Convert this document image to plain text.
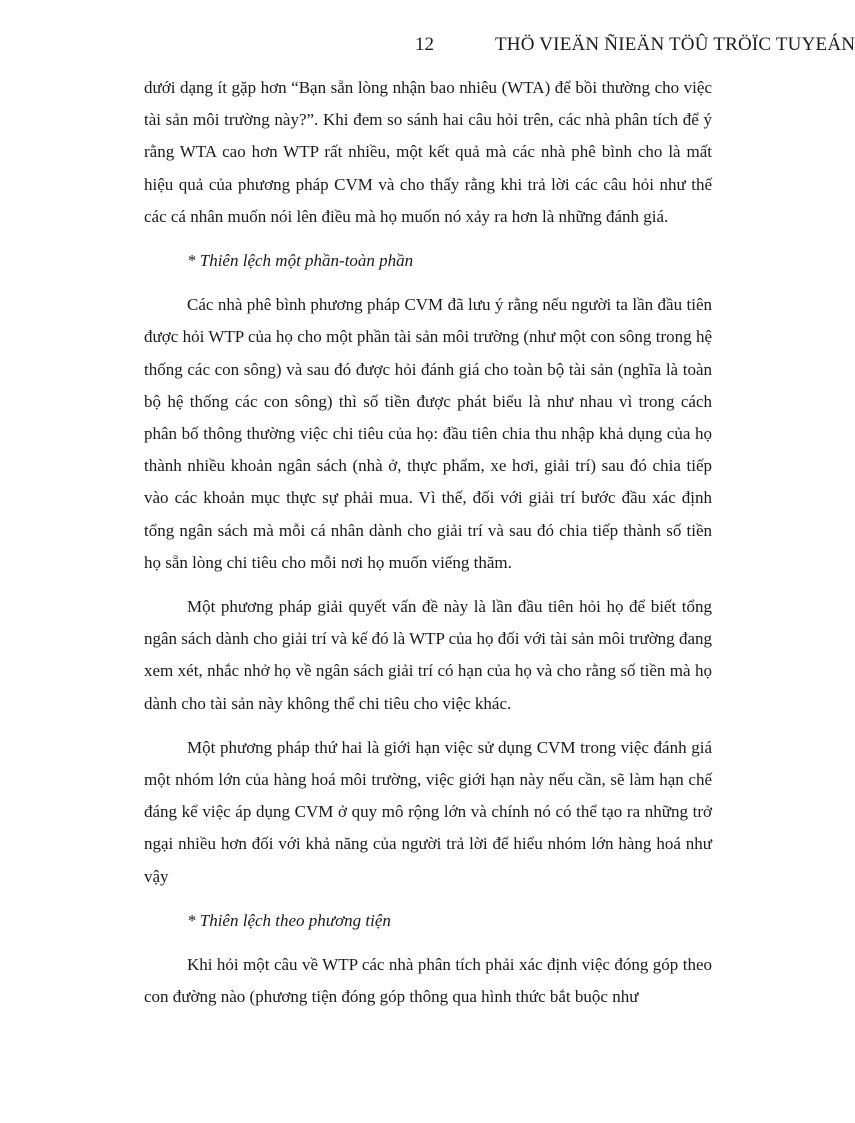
12	THÖ VIEÄN ÑIEÄN TÖÛ TRÖÏC TUYEÁN

dưới dạng ít gặp hơn “Bạn sẵn lòng nhận bao nhiêu (WTA) để bồi thường cho việc tài sản môi trường này?”. Khi đem so sánh hai câu hỏi trên, các nhà phân tích để ý rằng WTA cao hơn WTP rất nhiều, một kết quả mà các nhà phê bình cho là mất hiệu quả của phương pháp CVM và cho thấy rằng khi trả lời các câu hỏi như thế các cá nhân muốn nói lên điều mà họ muốn nó xảy ra hơn là những đánh giá.

* Thiên lệch một phần-toàn phần

Các nhà phê bình phương pháp CVM đã lưu ý rằng nếu người ta lần đầu tiên được hỏi WTP của họ cho một phần tài sản môi trường (như một con sông trong hệ thống các con sông) và sau đó được hỏi đánh giá cho toàn bộ tài sản (nghĩa là toàn bộ hệ thống các con sông) thì số tiền được phát biểu là như nhau vì trong cách phân bố thông thường việc chi tiêu của họ: đầu tiên chia thu nhập khả dụng của họ thành nhiều khoản ngân sách (nhà ở, thực phẩm, xe hơi, giải trí) sau đó chia tiếp vào các khoản mục thực sự phải mua. Vì thế, đối với giải trí bước đầu xác định tổng ngân sách mà mỗi cá nhân dành cho giải trí và sau đó chia tiếp thành số tiền họ sẵn lòng chi tiêu cho mỗi nơi họ muốn viếng thăm.

Một phương pháp giải quyết vấn đề này là lần đầu tiên hỏi họ để biết tổng ngân sách dành cho giải trí và kế đó là WTP của họ đối với tài sản môi trường đang xem xét, nhắc nhở họ về ngân sách giải trí có hạn của họ và cho rằng số tiền mà họ dành cho tài sản này không thể chi tiêu cho việc khác.

Một phương pháp thứ hai là giới hạn việc sử dụng CVM trong việc đánh giá một nhóm lớn của hàng hoá môi trường, việc giới hạn này nếu cần, sẽ làm hạn chế đáng kể việc áp dụng CVM ở quy mô rộng lớn và chính nó có thể tạo ra những trở ngại nhiều hơn đối với khả năng của người trả lời để hiểu nhóm lớn hàng hoá như vậy

* Thiên lệch theo phương tiện

Khi hỏi một câu về WTP các nhà phân tích phải xác định việc đóng góp theo con đường nào (phương tiện đóng góp thông qua hình thức bắt buộc như
